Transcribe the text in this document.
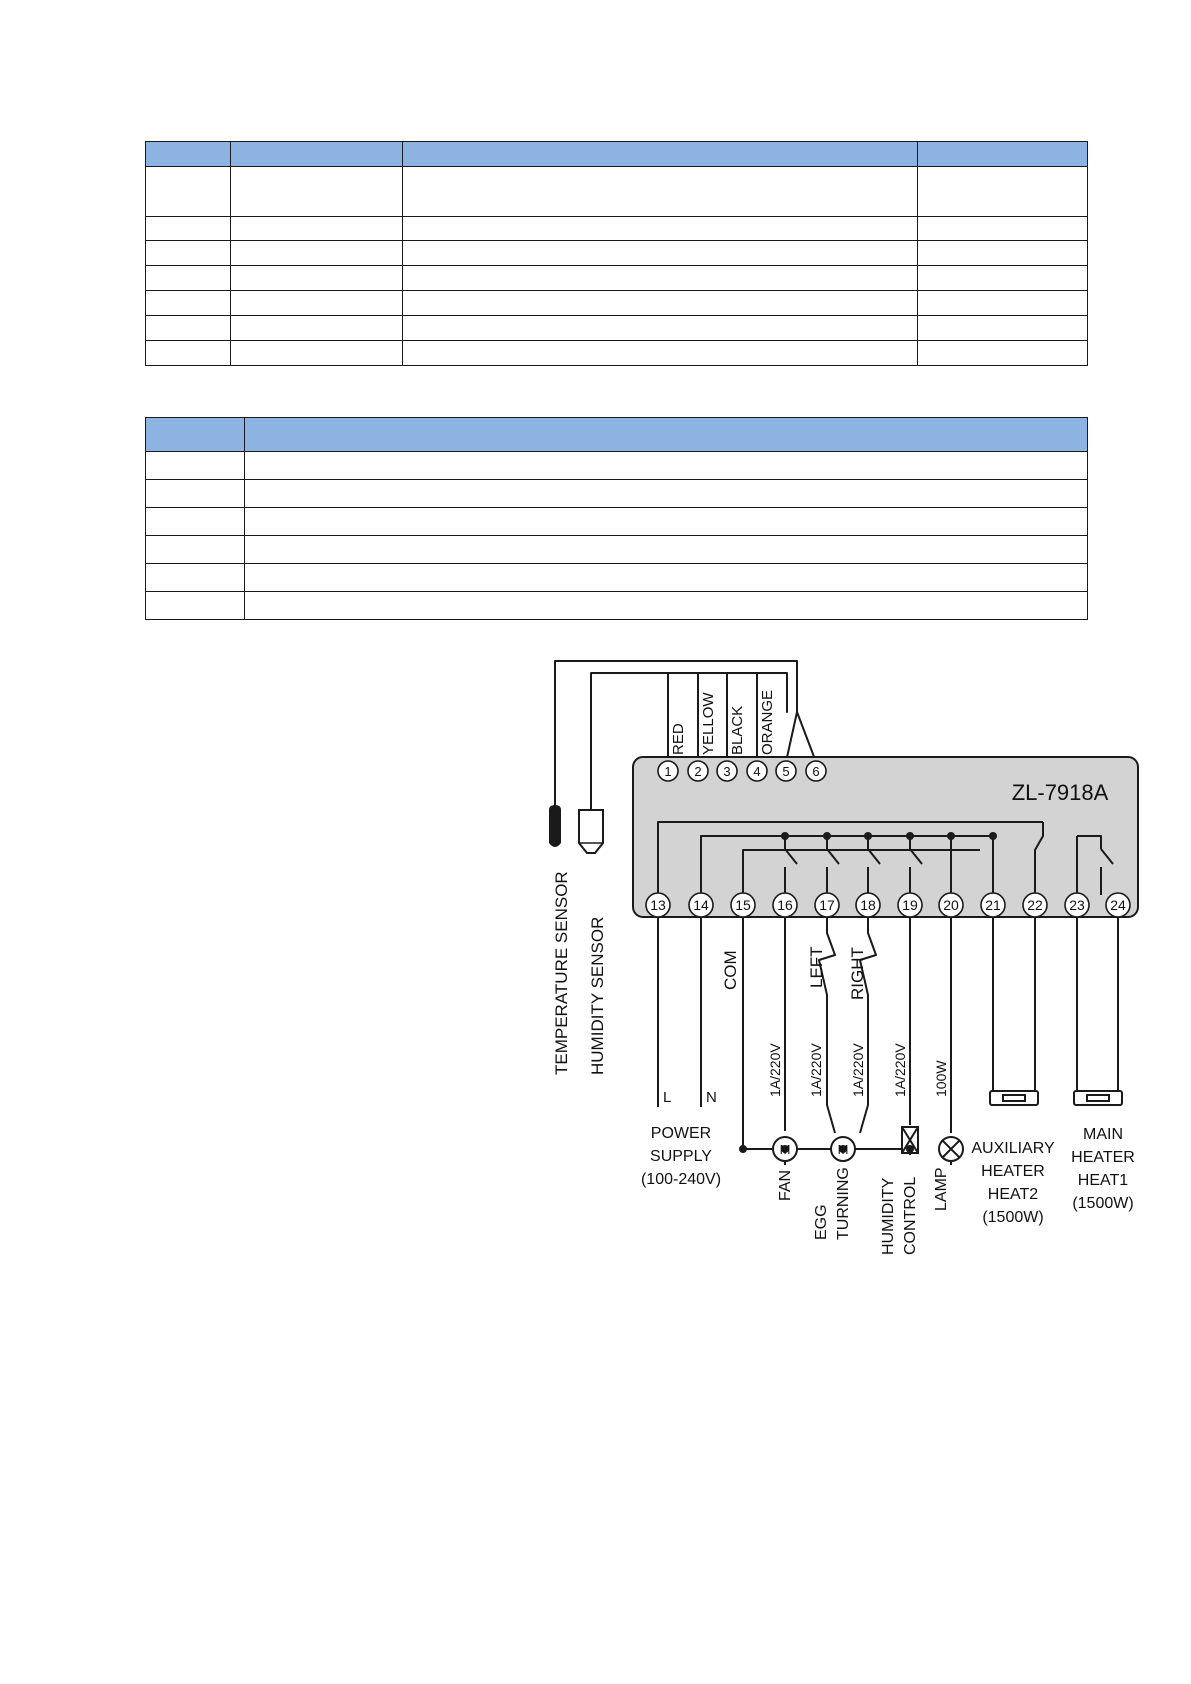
M	M
1 2 3 4 5 6
RED YELLOW BLACK ORANGE
ZL-7918A
13 14 15 16 17 18 19 20 21 22 23 24
TEMPERATURE SENSOR HUMIDITY SENSOR	COM	LEFT RIGHT
1A/220V 1A/220V 1A/220V 1A/220V 100W
L N
POWER
SUPPLY
(100-240V)	FAN
EGG TURNING HUMIDITY CONTROL LAMP
AUXILIARY
HEATER
HEAT2
(1500W)
MAIN
HEATER
HEAT1
(1500W)
